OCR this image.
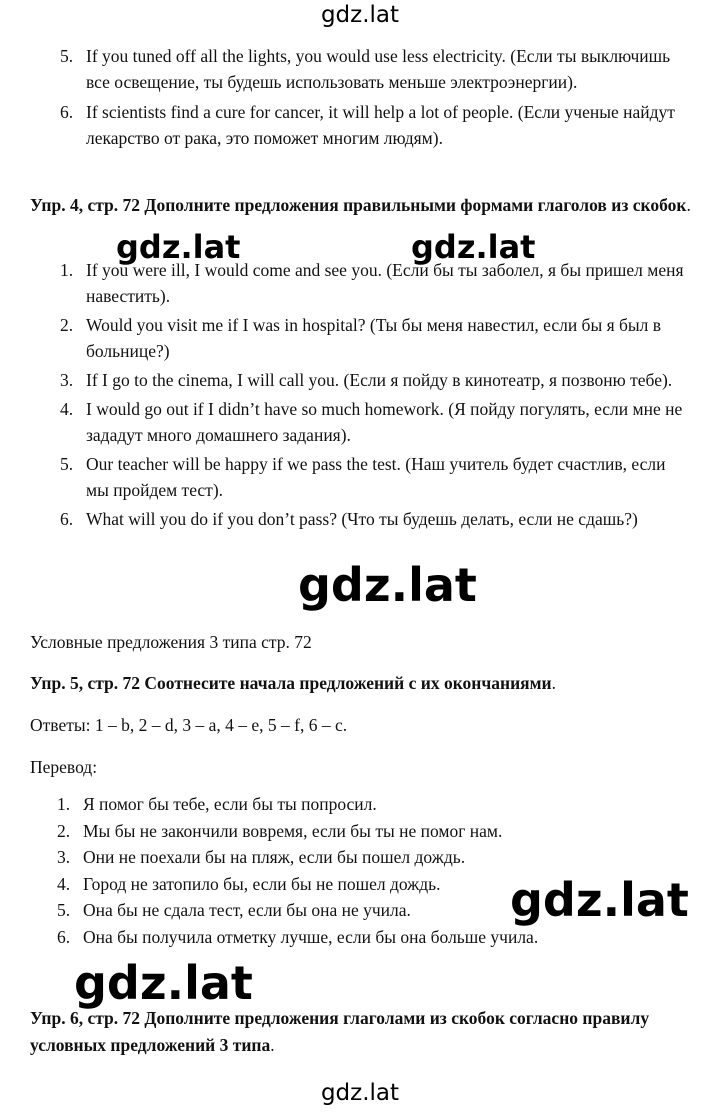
gdz.lat
gdz.lat	gdz.lat
gdz.lat
gdz.lat
gdz.lat
gdz.lat
5. If you tuned off all the lights, you would use less electricity. (Если ты выключишь все освещение, ты будешь использовать меньше электроэнергии).
6. If scientists find a cure for cancer, it will help a lot of people. (Если ученые найдут лекарство от рака, это поможет многим людям).
Упр. 4, стр. 72 Дополните предложения правильными формами глаголов из скобок.
1. If you were ill, I would come and see you. (Если бы ты заболел, я бы пришел меня навестить).
2. Would you visit me if I was in hospital? (Ты бы меня навестил, если бы я был в больнице?)
3. If I go to the cinema, I will call you. (Если я пойду в кинотеатр, я позвоню тебе).
4. I would go out if I didn’t have so much homework. (Я пойду погулять, если мне не зададут много домашнего задания).
5. Our teacher will be happy if we pass the test. (Наш учитель будет счастлив, если мы пройдем тест).
6. What will you do if you don’t pass? (Что ты будешь делать, если не сдашь?)
Условные предложения 3 типа стр. 72
Упр. 5, стр. 72 Соотнесите начала предложений с их окончаниями.
Ответы: 1 – b, 2 – d, 3 – a, 4 – e, 5 – f, 6 – c.
Перевод:
1. Я помог бы тебе, если бы ты попросил.
2. Мы бы не закончили вовремя, если бы ты не помог нам.
3. Они не поехали бы на пляж, если бы пошел дождь.
4. Город не затопило бы, если бы не пошел дождь.
5. Она бы не сдала тест, если бы она не учила.
6. Она бы получила отметку лучше, если бы она больше учила.
Упр. 6, стр. 72 Дополните предложения глаголами из скобок согласно правилу условных предложений 3 типа.
